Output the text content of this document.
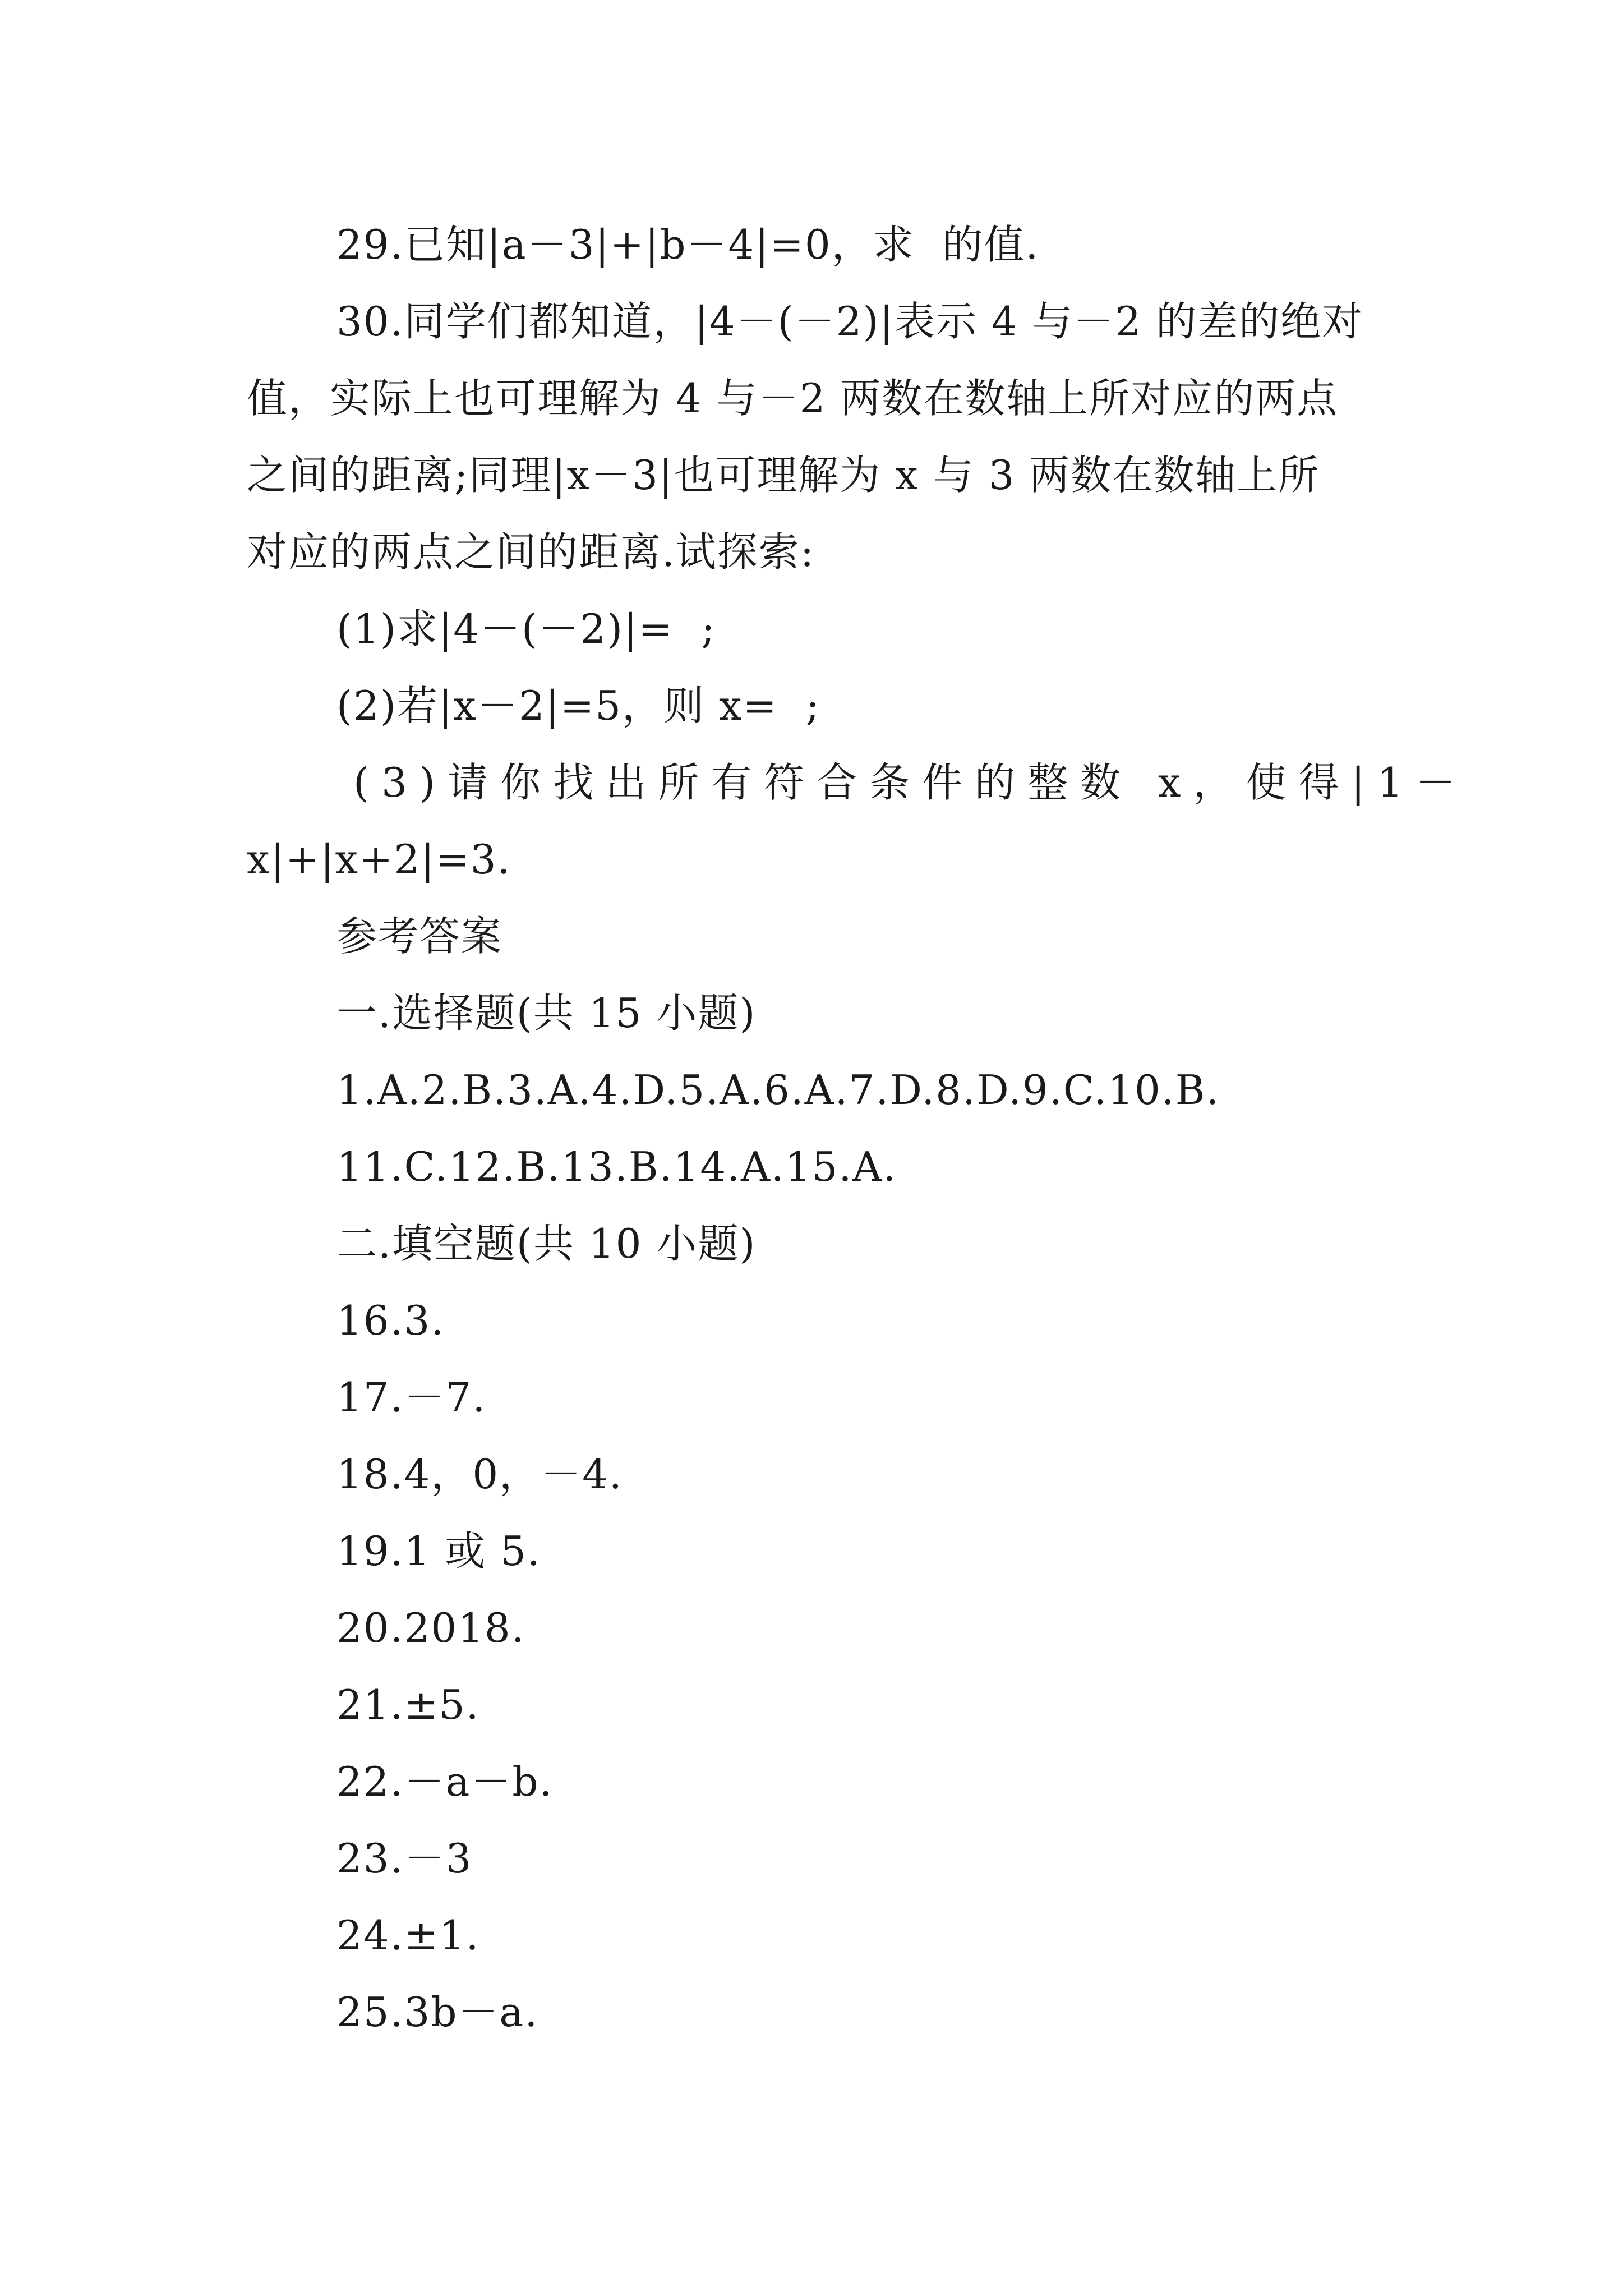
29.已知|a－3|+|b－4|=0，求  的值.
30.同学们都知道，|4－(－2)|表示 4 与－2 的差的绝对
值，实际上也可理解为 4 与－2 两数在数轴上所对应的两点
之间的距离;同理|x－3|也可理解为 x 与 3 两数在数轴上所
对应的两点之间的距离.试探索:
(1)求|4－(－2)|=  ;
(2)若|x－2|=5，则 x=  ;
(3)请你找出所有符合条件的整数 x，使得|1－
x|+|x+2|=3.
参考答案
一.选择题(共 15 小题)
1.A.2.B.3.A.4.D.5.A.6.A.7.D.8.D.9.C.10.B.
11.C.12.B.13.B.14.A.15.A.
二.填空题(共 10 小题)
16.3.
17.－7.
18.4，0，－4.
19.1 或 5.
20.2018.
21.±5.
22.－a－b.
23.－3
24.±1.
25.3b－a.
